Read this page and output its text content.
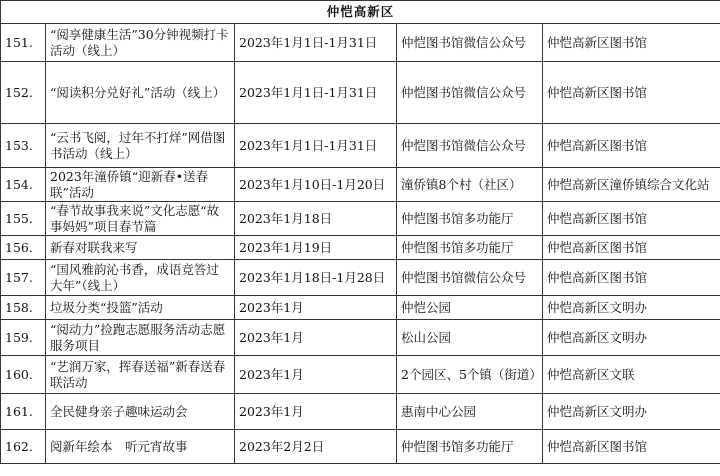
仲恺高新区				
151.	“阅享健康生活”30分钟视频打卡活动（线上）	2023年1月1日-1月31日	仲恺图书馆微信公众号	仲恺高新区图书馆
152.	“阅读积分兑好礼”活动（线上）	2023年1月1日-1月31日	仲恺图书馆微信公众号	仲恺高新区图书馆
153.	“云书飞阅，过年不打烊”网借图书活动（线上）	2023年1月1日-1月31日	仲恺图书馆微信公众号	仲恺高新区图书馆
154.	2023年潼侨镇“迎新春•送春联”活动	2023年1月10日-1月20日	潼侨镇8个村（社区）	仲恺高新区潼侨镇综合文化站
155.	“春节故事我来说”文化志愿“故事妈妈”项目春节篇	2023年1月18日	仲恺图书馆多功能厅	仲恺高新区图书馆
156.	新春对联我来写	2023年1月19日	仲恺图书馆多功能厅	仲恺高新区图书馆
157.	“国风雅韵沁书香，成语竞答过大年”（线上）	2023年1月18日-1月28日	仲恺图书馆微信公众号	仲恺高新区图书馆
158.	垃圾分类“投篮”活动	2023年1月	仲恺公园	仲恺高新区文明办
159.	“阅动力”捡跑志愿服务活动志愿服务项目	2023年1月	松山公园	仲恺高新区文明办
160.	“艺润万家，挥春送福”新春送春联活动	2023年1月	2个园区、5个镇（街道）	仲恺高新区文联
161.	全民健身亲子趣味运动会	2023年1月	惠南中心公园	仲恺高新区文明办
162.	阅新年绘本　听元宵故事	2023年2月2日	仲恺图书馆多功能厅	仲恺高新区图书馆
